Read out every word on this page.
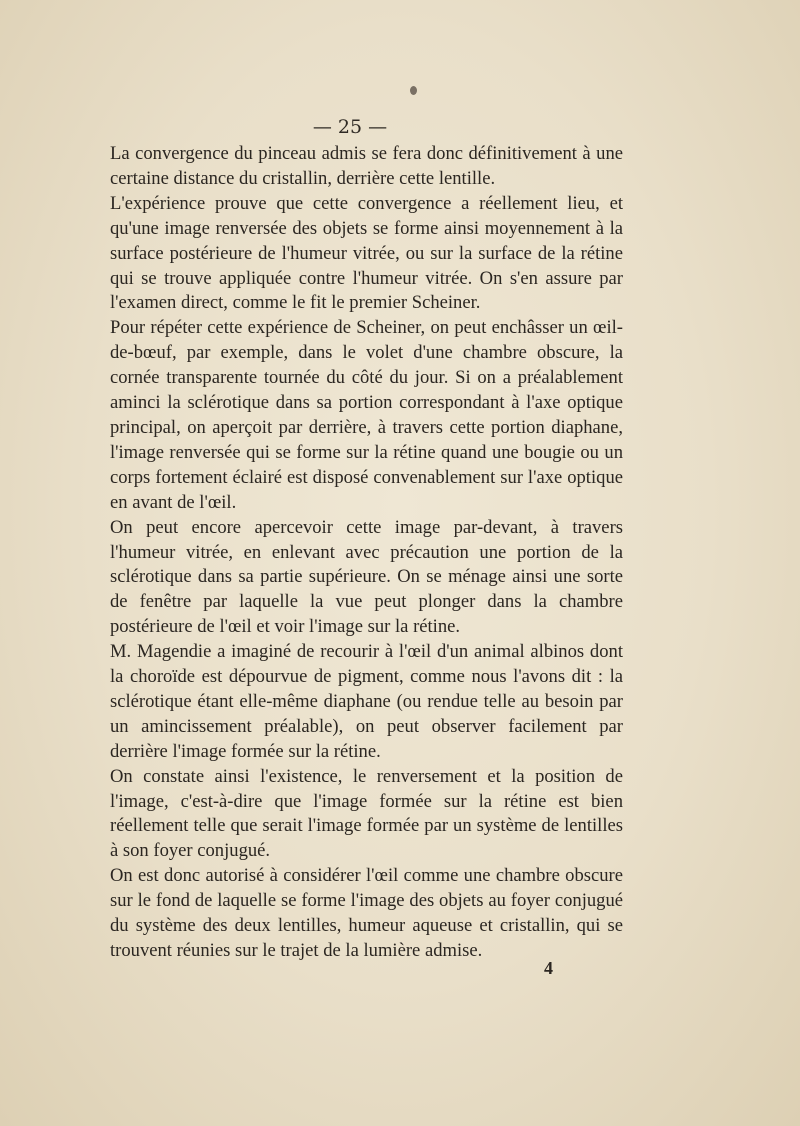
— 25 —

La convergence du pinceau admis se fera donc définitivement à une certaine distance du cristallin, derrière cette lentille.

L'expérience prouve que cette convergence a réellement lieu, et qu'une image renversée des objets se forme ainsi moyennement à la surface postérieure de l'humeur vitrée, ou sur la surface de la rétine qui se trouve appliquée contre l'humeur vitrée. On s'en assure par l'examen direct, comme le fit le premier Scheiner.

Pour répéter cette expérience de Scheiner, on peut enchâsser un œil-de-bœuf, par exemple, dans le volet d'une chambre obscure, la cornée transparente tournée du côté du jour. Si on a préalablement aminci la sclérotique dans sa portion correspondant à l'axe optique principal, on aperçoit par derrière, à travers cette portion diaphane, l'image renversée qui se forme sur la rétine quand une bougie ou un corps fortement éclairé est disposé convenablement sur l'axe optique en avant de l'œil.

On peut encore apercevoir cette image par-devant, à travers l'humeur vitrée, en enlevant avec précaution une portion de la sclérotique dans sa partie supérieure. On se ménage ainsi une sorte de fenêtre par laquelle la vue peut plonger dans la chambre postérieure de l'œil et voir l'image sur la rétine.

M. Magendie a imaginé de recourir à l'œil d'un animal albinos dont la choroïde est dépourvue de pigment, comme nous l'avons dit : la sclérotique étant elle-même diaphane (ou rendue telle au besoin par un amincissement préalable), on peut observer facilement par derrière l'image formée sur la rétine.

On constate ainsi l'existence, le renversement et la position de l'image, c'est-à-dire que l'image formée sur la rétine est bien réellement telle que serait l'image formée par un système de lentilles à son foyer conjugué.

On est donc autorisé à considérer l'œil comme une chambre obscure sur le fond de laquelle se forme l'image des objets au foyer conjugué du système des deux lentilles, humeur aqueuse et cristallin, qui se trouvent réunies sur le trajet de la lumière admise.

4
